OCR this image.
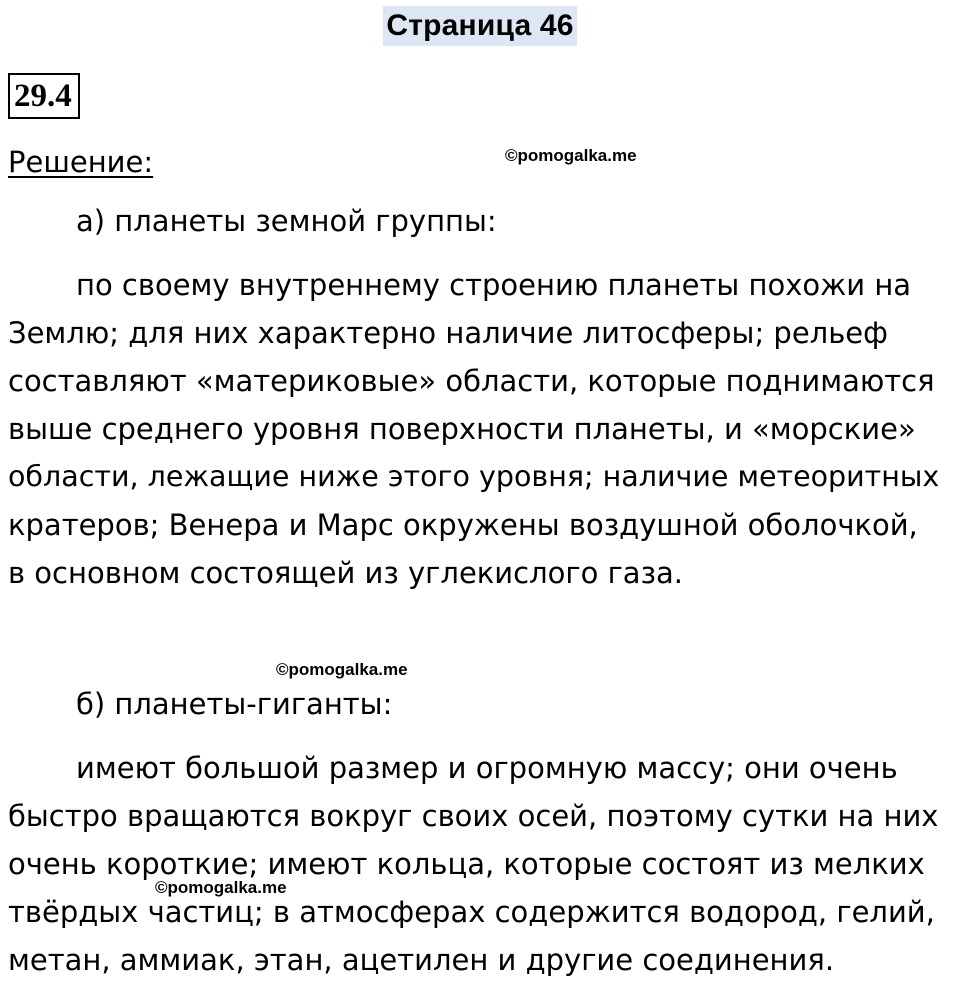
Страница 46
29.4
Решение:	©pomogalka.me

а) планеты земной группы:

по своему внутреннему строению планеты похожи на
Землю; для них характерно наличие литосферы; рельеф
составляют «материковые» области, которые поднимаются
выше среднего уровня поверхности планеты, и «морские»
области, лежащие ниже этого уровня; наличие метеоритных
кратеров; Венера и Марс окружены воздушной оболочкой,
в основном состоящей из углекислого газа.
©pomogalka.me

б) планеты-гиганты:

имеют большой размер и огромную массу; они очень
быстро вращаются вокруг своих осей, поэтому сутки на них
очень короткие; имеют кольца, которые состоят из мелких
твёрдых частиц; в атмосферах содержится водород, гелий,
метан, аммиак, этан, ацетилен и другие соединения.
©pomogalka.me
